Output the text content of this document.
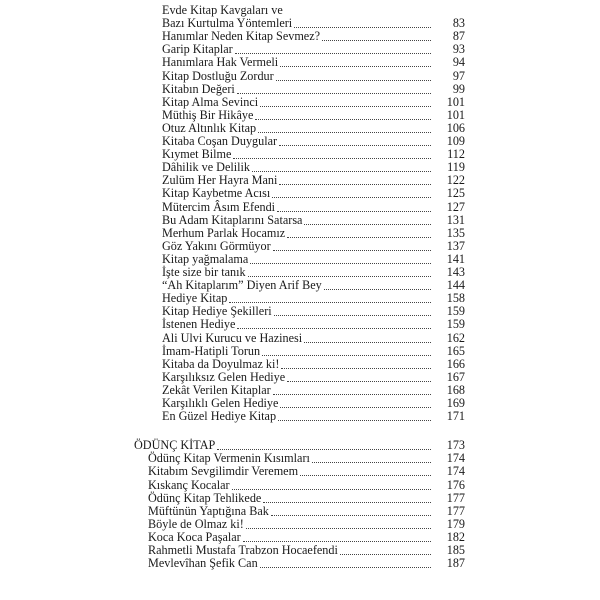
Evde Kitap Kavgaları ve
Bazı Kurtulma Yöntemleri	83
Hanımlar Neden Kitap Sevmez?	87
Garip Kitaplar	93
Hanımlara Hak Vermeli	94
Kitap Dostluğu Zordur	97
Kitabın Değeri	99
Kitap Alma Sevinci	101
Müthiş Bir Hikâye	101
Otuz Altınlık Kitap	106
Kitaba Coşan Duygular	109
Kıymet Bilme	112
Dâhilik ve Delilik	119
Zulüm Her Hayra Mani	122
Kitap Kaybetme Acısı	125
Mütercim Âsım Efendi	127
Bu Adam Kitaplarını Satarsa	131
Merhum Parlak Hocamız	135
Göz Yakını Görmüyor	137
Kitap yağmalama	141
İşte size bir tanık	143
“Ah Kitaplarım” Diyen Arif Bey	144
Hediye Kitap	158
Kitap Hediye Şekilleri	159
İstenen Hediye	159
Ali Ulvi Kurucu ve Hazinesi	162
İmam-Hatipli Torun	165
Kitaba da Doyulmaz ki!	166
Karşılıksız Gelen Hediye	167
Zekât Verilen Kitaplar	168
Karşılıklı Gelen Hediye	169
En Güzel Hediye Kitap	171
ÖDÜNÇ KİTAP	173
Ödünç Kitap Vermenin Kısımları	174
Kitabım Sevgilimdir Veremem	174
Kıskanç Kocalar	176
Ödünç Kitap Tehlikede	177
Müftünün Yaptığına Bak	177
Böyle de Olmaz ki!	179
Koca Koca Paşalar	182
Rahmetli Mustafa Trabzon Hocaefendi	185
Mevlevîhan Şefik Can	187
